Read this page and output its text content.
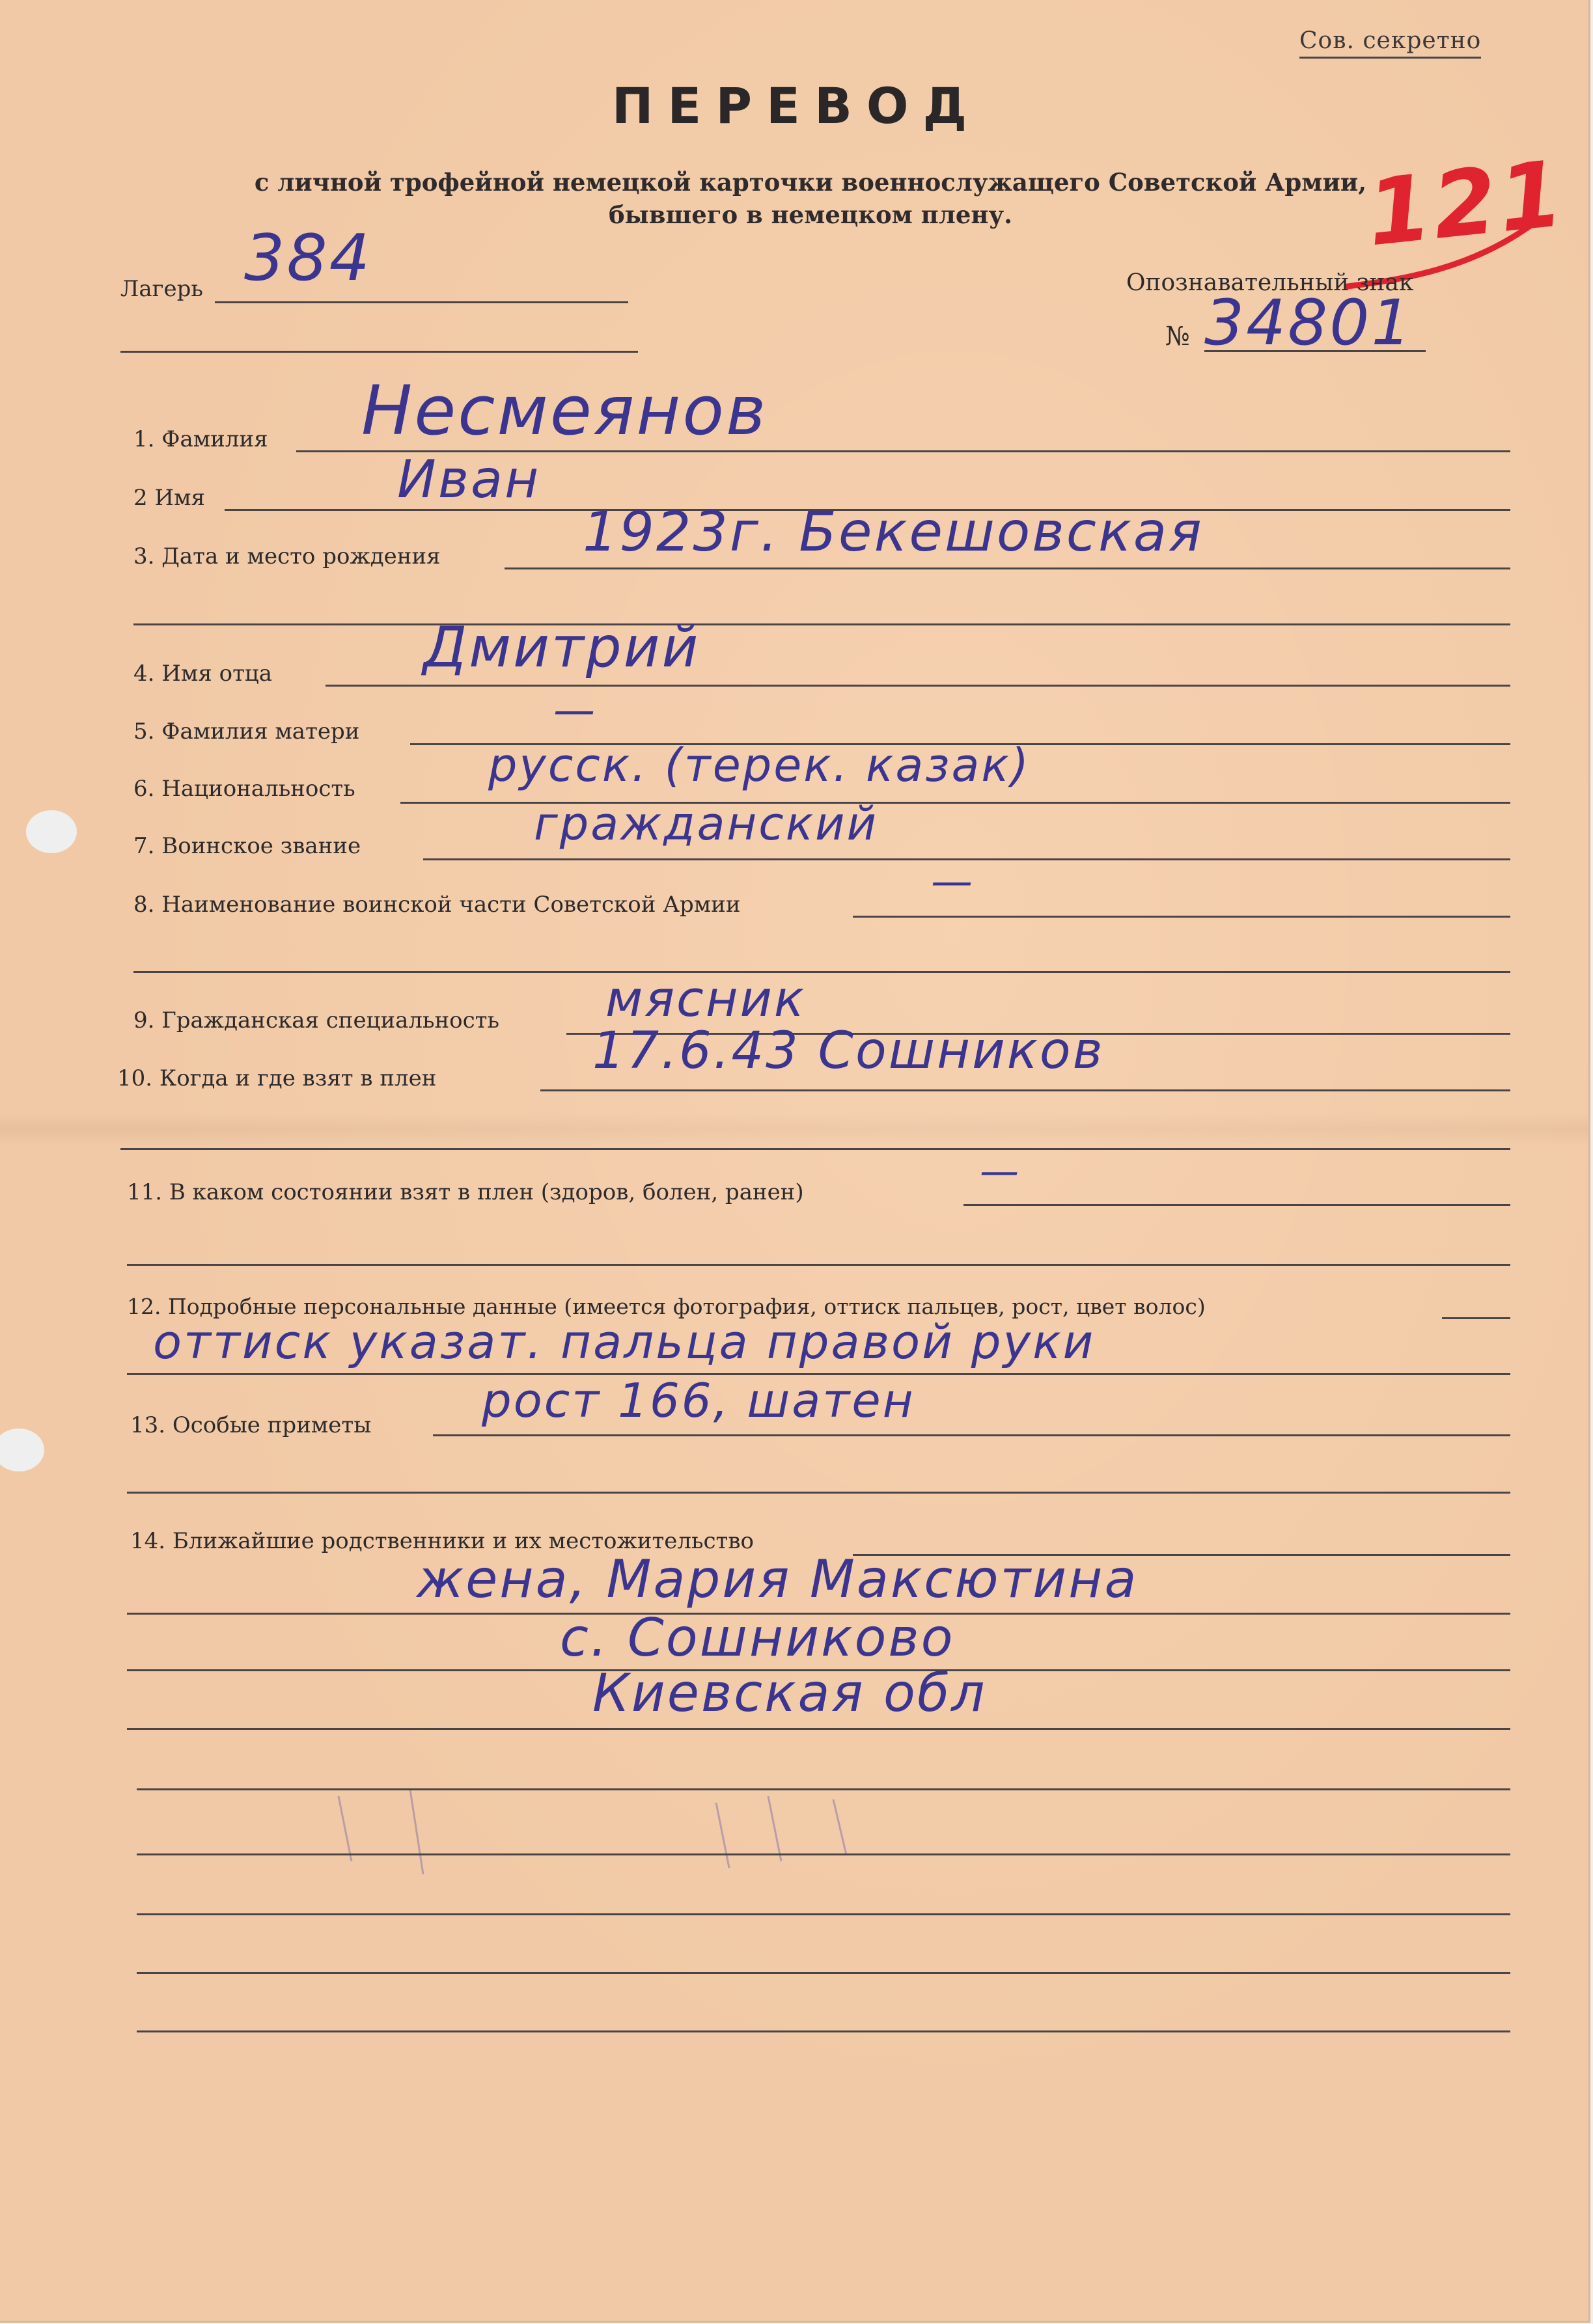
Сов. секретно
ПЕРЕВОД
с личной трофейной немецкой карточки военнослужащего Советской Армии,
бывшего в немецком плену.	121
Лагерь 384	Опознавательный знак
№ 34801
1. Фамилия Несмеянов
2 Имя	Иван
3. Дата и место рождения	1923г. Бекешовская
4. Имя отца	Дмитрий
5. Фамилия матери	—
6. Национальность	русск. (терек. казак)
7. Воинское звание	гражданский
8. Наименование воинской части Советской Армии	—
9. Гражданская специальность мясник
10. Когда и где взят в плен	17.6.43 Сошников
11. В каком состоянии взят в плен (здоров, болен, ранен)	—
12. Подробные персональные данные (имеется фотография, оттиск пальцев, рост, цвет волос)
оттиск указат. пальца правой руки
13. Особые приметы рост 166, шатен
14. Ближайшие родственники и их местожительство
жена, Мария Максютина
с. Сошниково
Киевская обл
